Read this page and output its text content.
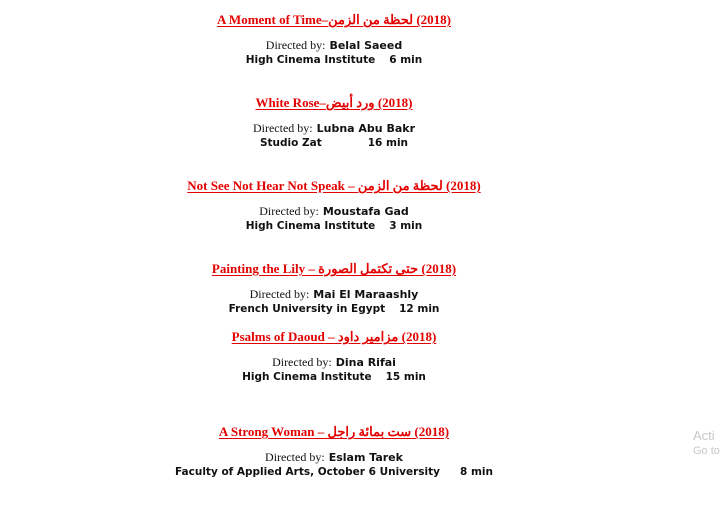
A Moment of Time–لحظة من الزمن (2018)
Directed by: Belal Saeed
High Cinema Institute 6 min
White Rose–ورد أبيض (2018)
Directed by: Lubna Abu Bakr
Studio Zat	16 min
Not See Not Hear Not Speak – لحظة من الزمن (2018)
Directed by: Moustafa Gad
High Cinema Institute 3 min
Painting the Lily – حتى تكتمل الصورة (2018)
Directed by: Mai El Maraashly
French University in Egypt 12 min
Psalms of Daoud – مزامير داود (2018)
Directed by: Dina Rifai
High Cinema Institute 15 min
A Strong Woman – ست بمائة راجل (2018)
Directed by: Eslam Tarek
Faculty of Applied Arts, October 6 University 8 min
Acti
Go to
